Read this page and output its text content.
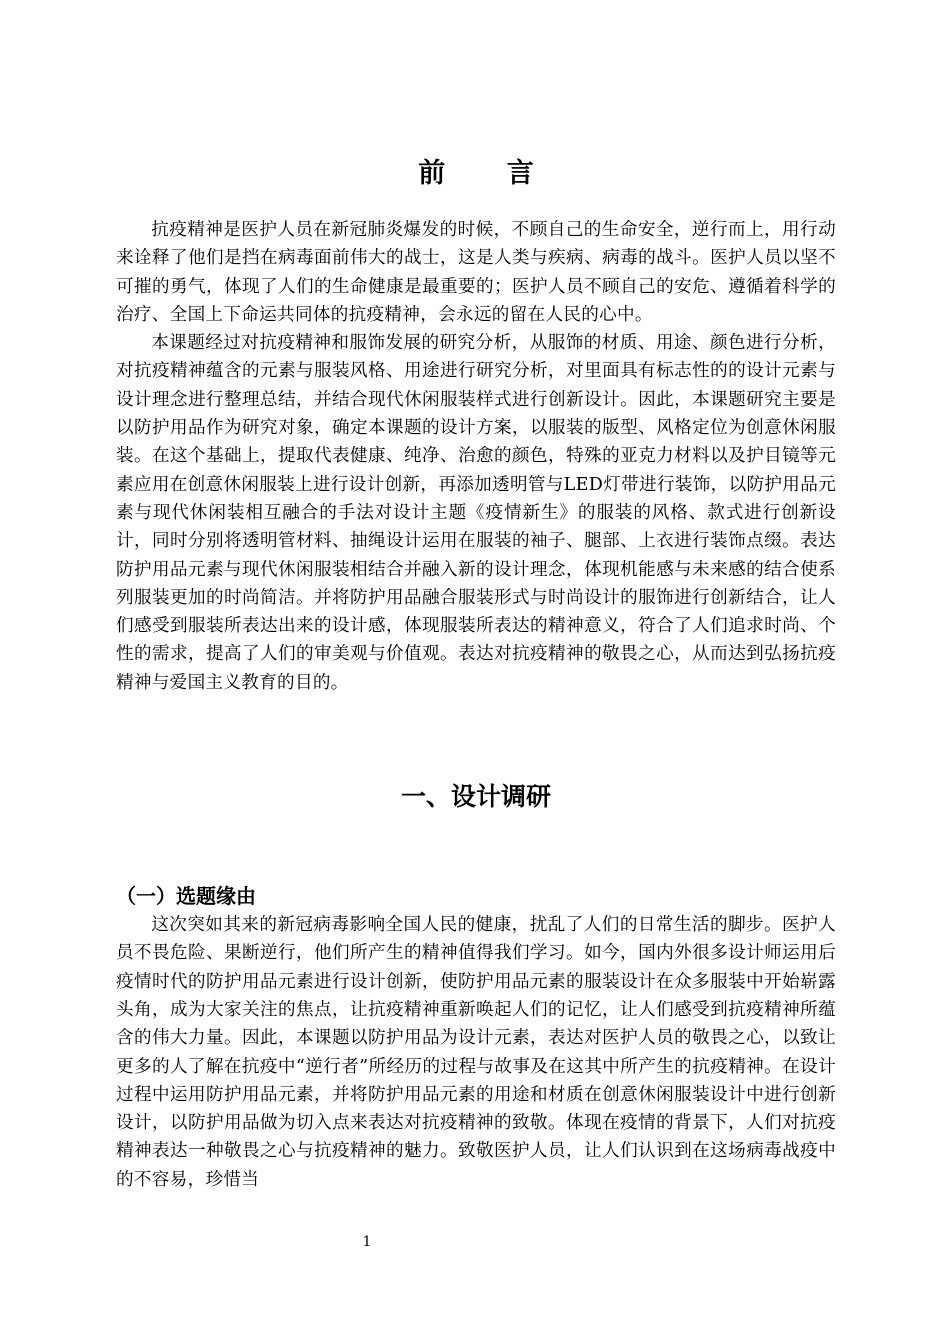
前 言

抗疫精神是医护人员在新冠肺炎爆发的时候，不顾自己的生命安全，逆行而上，用行动来诠释了他们是挡在病毒面前伟大的战士，这是人类与疾病、病毒的战斗。医护人员以坚不可摧的勇气，体现了人们的生命健康是最重要的；医护人员不顾自己的安危、遵循着科学的治疗、全国上下命运共同体的抗疫精神，会永远的留在人民的心中。

本课题经过对抗疫精神和服饰发展的研究分析，从服饰的材质、用途、颜色进行分析，对抗疫精神蕴含的元素与服装风格、用途进行研究分析，对里面具有标志性的的设计元素与设计理念进行整理总结，并结合现代休闲服装样式进行创新设计。因此，本课题研究主要是以防护用品作为研究对象，确定本课题的设计方案，以服装的版型、风格定位为创意休闲服装。在这个基础上，提取代表健康、纯净、治愈的颜色，特殊的亚克力材料以及护目镜等元素应用在创意休闲服装上进行设计创新，再添加透明管与LED灯带进行装饰，以防护用品元素与现代休闲装相互融合的手法对设计主题《疫情新生》的服装的风格、款式进行创新设计，同时分别将透明管材料、抽绳设计运用在服装的袖子、腿部、上衣进行装饰点缀。表达防护用品元素与现代休闲服装相结合并融入新的设计理念，体现机能感与未来感的结合使系列服装更加的时尚简洁。并将防护用品融合服装形式与时尚设计的服饰进行创新结合，让人们感受到服装所表达出来的设计感，体现服装所表达的精神意义，符合了人们追求时尚、个性的需求，提高了人们的审美观与价值观。表达对抗疫精神的敬畏之心，从而达到弘扬抗疫精神与爱国主义教育的目的。

一、设计调研
（一）选题缘由

这次突如其来的新冠病毒影响全国人民的健康，扰乱了人们的日常生活的脚步。医护人员不畏危险、果断逆行，他们所产生的精神值得我们学习。如今，国内外很多设计师运用后疫情时代的防护用品元素进行设计创新，使防护用品元素的服装设计在众多服装中开始崭露头角，成为大家关注的焦点，让抗疫精神重新唤起人们的记忆，让人们感受到抗疫精神所蕴含的伟大力量。因此，本课题以防护用品为设计元素，表达对医护人员的敬畏之心，以致让更多的人了解在抗疫中“逆行者”所经历的过程与故事及在这其中所产生的抗疫精神。在设计过程中运用防护用品元素，并将防护用品元素的用途和材质在创意休闲服装设计中进行创新设计，以防护用品做为切入点来表达对抗疫精神的致敬。体现在疫情的背景下，人们对抗疫精神表达一种敬畏之心与抗疫精神的魅力。致敬医护人员，让人们认识到在这场病毒战疫中的不容易，珍惜当

1
